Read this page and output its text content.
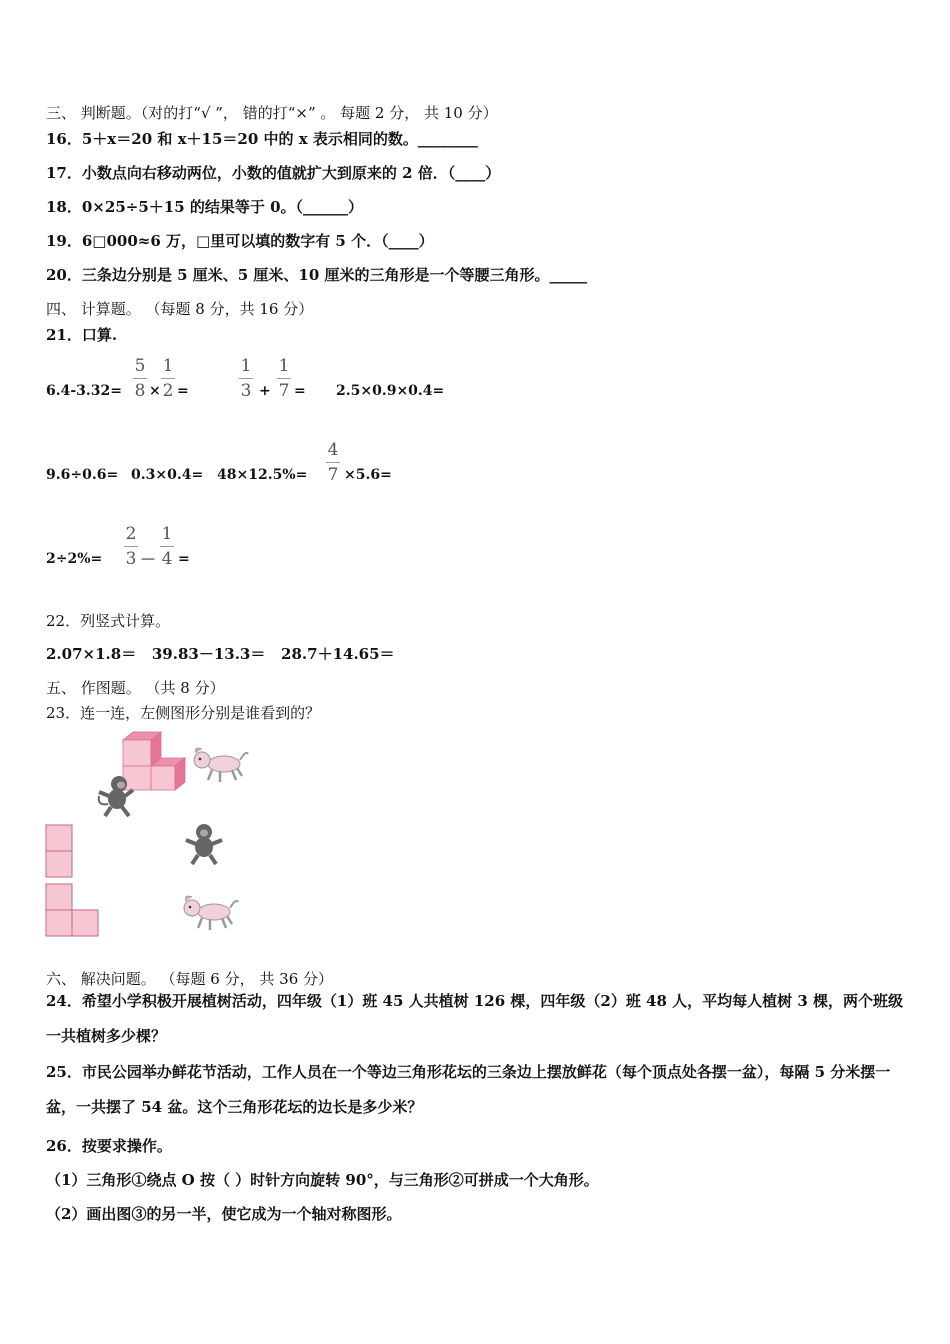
三、 判断题。（对的打“√ ”， 错的打“×” 。 每题 2 分， 共 10 分）
16．5＋x＝20 和 x＋15＝20 中的 x 表示相同的数。________
17．小数点向右移动两位，小数的值就扩大到原来的 2 倍．（____）
18．0×25÷5＋15 的结果等于 0。（______）
19．6□000≈6 万，□里可以填的数字有 5 个．（____）
20．三条边分别是 5 厘米、5 厘米、10 厘米的三角形是一个等腰三角形。_____
四、 计算题。 （每题 8 分，共 16 分）
21．口算.
6.4-3.32=
5
8 ×
1
2 =
1
3 +
1
7 = 2.5×0.9×0.4=
9.6÷0.6= 0.3×0.4= 48×12.5%=
4
7 ×5.6=
2÷2%=
2
3 —
1
4 =
22．列竖式计算。
2.07×1.8＝   39.83－13.3＝   28.7＋14.65＝
五、 作图题。 （共 8 分）
23．连一连，左侧图形分别是谁看到的？
六、 解决问题。 （每题 6 分， 共 36 分）
24．希望小学积极开展植树活动，四年级（1）班 45 人共植树 126 棵，四年级（2）班 48 人，平均每人植树 3 棵，两个班级一共植树多少棵？
25．市民公园举办鲜花节活动，工作人员在一个等边三角形花坛的三条边上摆放鲜花（每个顶点处各摆一盆），每隔 5 分米摆一盆，一共摆了 54 盆。这个三角形花坛的边长是多少米？
26．按要求操作。
（1）三角形①绕点 O 按（ ）时针方向旋转 90°，与三角形②可拼成一个大角形。
（2）画出图③的另一半，使它成为一个轴对称图形。
